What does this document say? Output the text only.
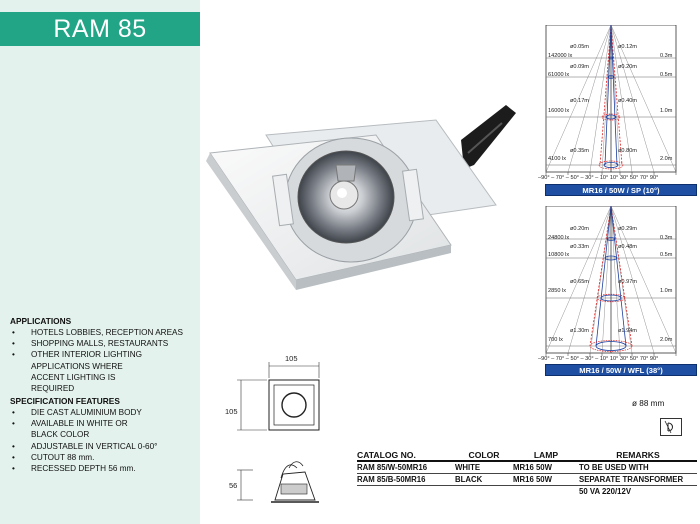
RAM 85
APPLICATIONS
• HOTELS LOBBIES, RECEPTION AREAS
• SHOPPING MALLS, RESTAURANTS
• OTHER INTERIOR LIGHTING APPLICATIONS WHERE ACCENT LIGHTING IS REQUIRED
SPECIFICATION FEATURES
• DIE CAST ALUMINIUM BODY
• AVAILABLE IN WHITE OR BLACK COLOR
• ADJUSTABLE IN VERTICAL 0-60°
• CUTOUT 88 mm.
• RECESSED DEPTH 56 mm.
ø0.05m	ø0.12m
142000 lx	0.3m
ø0.09m	ø0.20m
61000 lx	0.5m
ø0.17m	ø0.40m
16000 lx	1.0m
ø0.35m	ø0.80m
4100 lx	2.0m
–90° – 70° – 50° – 30° – 10° 10° 30° 50° 70° 90°
MR16 / 50W / SP (10°)
ø0.20m	ø0.29m
24800 lx	0.3m
ø0.33m	ø0.48m
10800 lx	0.5m
ø0.65m	ø0.97m
2850 lx	1.0m
ø1.30m	ø1.94m
700 lx	2.0m
–90° – 70° – 50° – 30° – 10° 10° 30° 50° 70° 90°
MR16 / 50W / WFL (38°)
105
105
56
ø 88 mm
CATALOG NO.	COLOR	LAMP	REMARKS
RAM 85/W-50MR16	WHITE	MR16 50W	TO BE USED WITH
RAM 85/B-50MR16	BLACK	MR16 50W	SEPARATE TRANSFORMER
50 VA 220/12V
